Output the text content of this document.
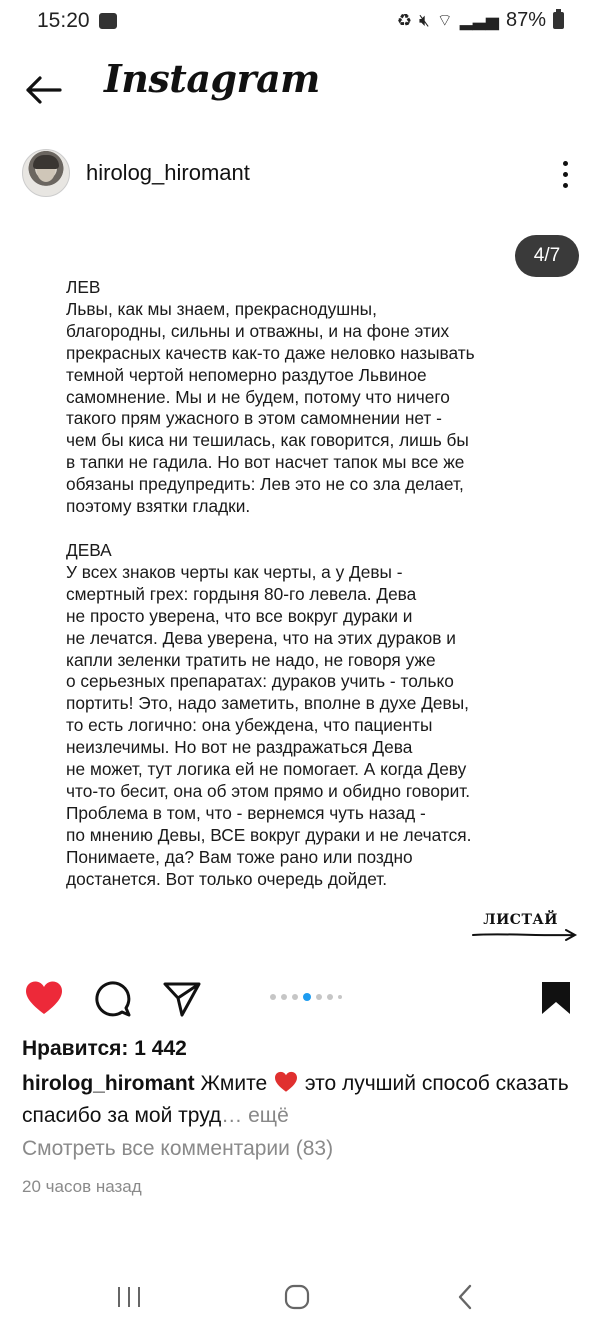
15:20	♻ 🔇︎ ⌔ ▂▃▅ 87%
Instagram
hirolog_hiromant
4/7
ЛЕВ

Львы, как мы знаем, прекраснодушны,

благородны, сильны и отважны, и на фоне этих

прекрасных качеств как-то даже неловко называть

темной чертой непомерно раздутое Львиное

самомнение. Мы и не будем, потому что ничего

такого прям ужасного в этом самомнении нет -

чем бы киса ни тешилась, как говорится, лишь бы

в тапки не гадила. Но вот насчет тапок мы все же

обязаны предупредить: Лев это не со зла делает,

поэтому взятки гладки.

ДЕВА

У всех знаков черты как черты, а у Девы -

смертный грех: гордыня 80-го левела. Дева

не просто уверена, что все вокруг дураки и

не лечатся. Дева уверена, что на этих дураков и

капли зеленки тратить не надо, не говоря уже

о серьезных препаратах: дураков учить - только

портить! Это, надо заметить, вполне в духе Девы,

то есть логично: она убеждена, что пациенты

неизлечимы. Но вот не раздражаться Дева

не может, тут логика ей не помогает. А когда Деву

что-то бесит, она об этом прямо и обидно говорит.

Проблема в том, что - вернемся чуть назад -

по мнению Девы, ВСЕ вокруг дураки и не лечатся.

Понимаете, да? Вам тоже рано или поздно

достанется. Вот только очередь дойдет.

ЛИСТАЙ
Нравится: 1 442
hirolog_hiromant Жмите это лучший способ сказать спасибо за мой труд… ещё
Смотреть все комментарии (83)
20 часов назад
